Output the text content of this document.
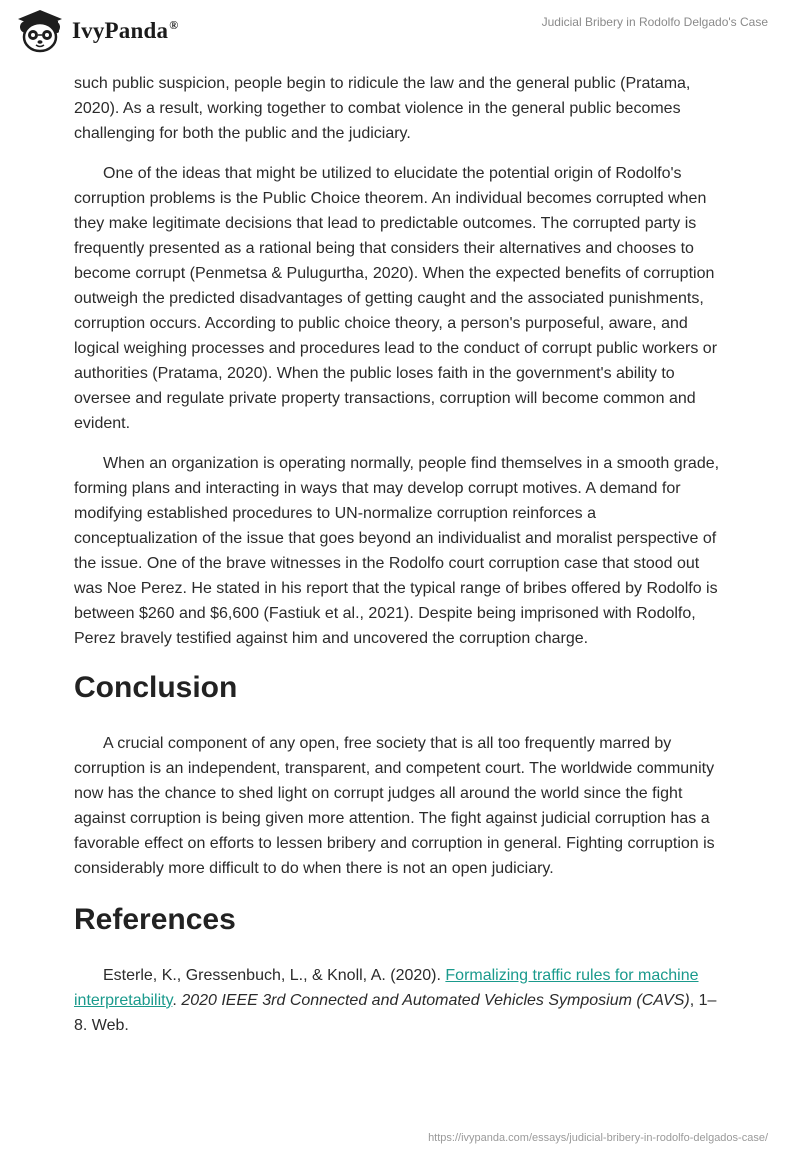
IvyPanda®	Judicial Bribery in Rodolfo Delgado's Case

such public suspicion, people begin to ridicule the law and the general public (Pratama, 2020). As a result, working together to combat violence in the general public becomes challenging for both the public and the judiciary.

One of the ideas that might be utilized to elucidate the potential origin of Rodolfo's corruption problems is the Public Choice theorem. An individual becomes corrupted when they make legitimate decisions that lead to predictable outcomes. The corrupted party is frequently presented as a rational being that considers their alternatives and chooses to become corrupt (Penmetsa & Pulugurtha, 2020). When the expected benefits of corruption outweigh the predicted disadvantages of getting caught and the associated punishments, corruption occurs. According to public choice theory, a person's purposeful, aware, and logical weighing processes and procedures lead to the conduct of corrupt public workers or authorities (Pratama, 2020). When the public loses faith in the government's ability to oversee and regulate private property transactions, corruption will become common and evident.

When an organization is operating normally, people find themselves in a smooth grade, forming plans and interacting in ways that may develop corrupt motives. A demand for modifying established procedures to UN-normalize corruption reinforces a conceptualization of the issue that goes beyond an individualist and moralist perspective of the issue. One of the brave witnesses in the Rodolfo court corruption case that stood out was Noe Perez. He stated in his report that the typical range of bribes offered by Rodolfo is between $260 and $6,600 (Fastiuk et al., 2021). Despite being imprisoned with Rodolfo, Perez bravely testified against him and uncovered the corruption charge.

Conclusion

A crucial component of any open, free society that is all too frequently marred by corruption is an independent, transparent, and competent court. The worldwide community now has the chance to shed light on corrupt judges all around the world since the fight against corruption is being given more attention. The fight against judicial corruption has a favorable effect on efforts to lessen bribery and corruption in general. Fighting corruption is considerably more difficult to do when there is not an open judiciary.

References

Esterle, K., Gressenbuch, L., & Knoll, A. (2020). Formalizing traffic rules for machine interpretability. 2020 IEEE 3rd Connected and Automated Vehicles Symposium (CAVS), 1–8. Web.

https://ivypanda.com/essays/judicial-bribery-in-rodolfo-delgados-case/
